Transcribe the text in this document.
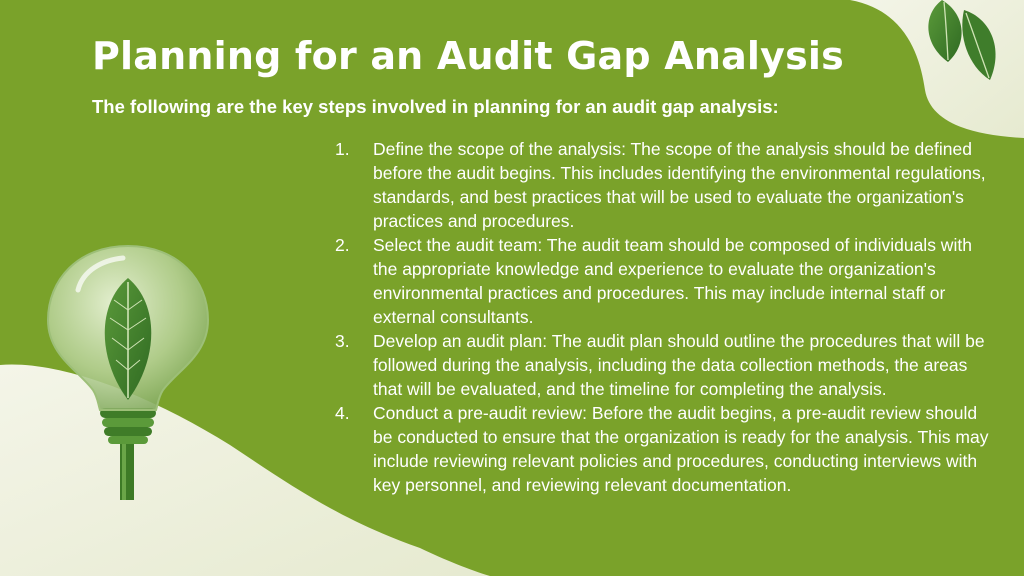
Planning for an Audit Gap Analysis

The following are the key steps involved in planning for an audit gap analysis:

1. Define the scope of the analysis: The scope of the analysis should be defined before the audit begins. This includes identifying the environmental regulations, standards, and best practices that will be used to evaluate the organization's practices and procedures.
2. Select the audit team: The audit team should be composed of individuals with the appropriate knowledge and experience to evaluate the organization's environmental practices and procedures. This may include internal staff or external consultants.
3. Develop an audit plan: The audit plan should outline the procedures that will be followed during the analysis, including the data collection methods, the areas that will be evaluated, and the timeline for completing the analysis.
4. Conduct a pre-audit review: Before the audit begins, a pre-audit review should be conducted to ensure that the organization is ready for the analysis. This may include reviewing relevant policies and procedures, conducting interviews with key personnel, and reviewing relevant documentation.
